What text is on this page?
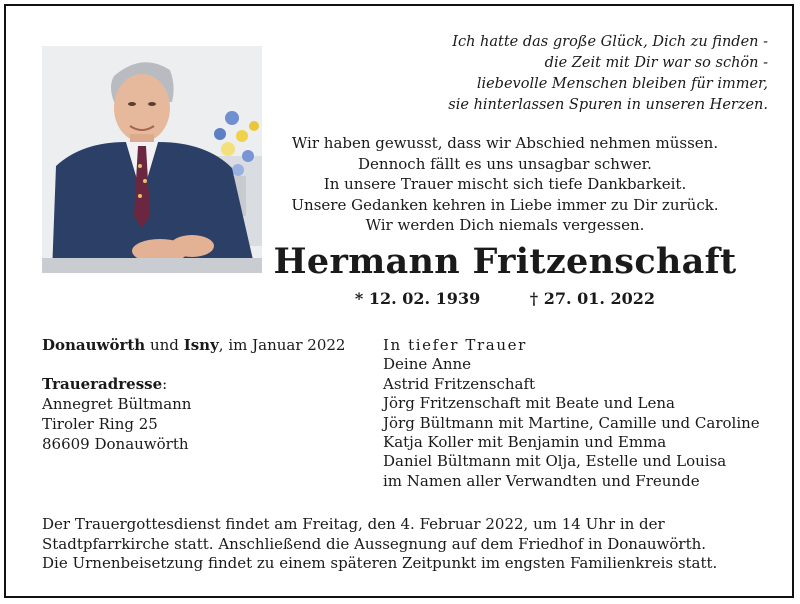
Ich hatte das große Glück, Dich zu finden -
die Zeit mit Dir war so schön -
liebevolle Menschen bleiben für immer,
sie hinterlassen Spuren in unseren Herzen.
Wir haben gewusst, dass wir Abschied nehmen müssen.
Dennoch fällt es uns unsagbar schwer.
In unsere Trauer mischt sich tiefe Dankbarkeit.
Unsere Gedanken kehren in Liebe immer zu Dir zurück.
Wir werden Dich niemals vergessen.
Hermann Fritzenschaft
* 12. 02. 1939	† 27. 01. 2022
Donauwörth und Isny, im Januar 2022
Traueradresse:
Annegret Bültmann
Tiroler Ring 25
86609 Donauwörth
In tiefer Trauer
Deine Anne
Astrid Fritzenschaft
Jörg Fritzenschaft mit Beate und Lena
Jörg Bültmann mit Martine, Camille und Caroline
Katja Koller mit Benjamin und Emma
Daniel Bültmann mit Olja, Estelle und Louisa
im Namen aller Verwandten und Freunde
Der Trauergottesdienst findet am Freitag, den 4. Februar 2022, um 14 Uhr in der
Stadtpfarrkirche statt. Anschließend die Aussegnung auf dem Friedhof in Donauwörth.
Die Urnenbeisetzung findet zu einem späteren Zeitpunkt im engsten Familienkreis statt.
